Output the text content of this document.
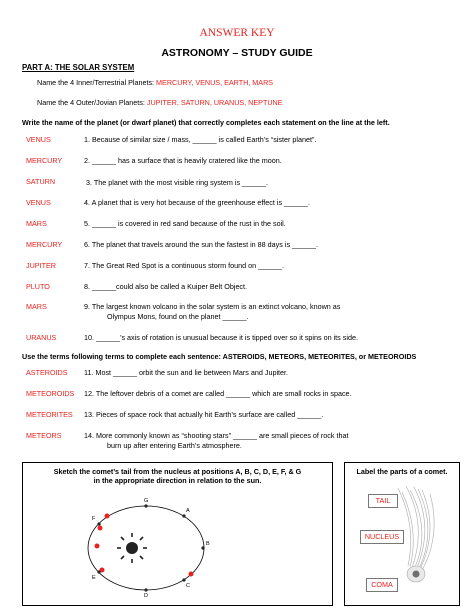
ANSWER KEY
ASTRONOMY – STUDY GUIDE
PART A: THE SOLAR SYSTEM
Name the 4 Inner/Terrestrial Planets: MERCURY, VENUS, EARTH, MARS
Name the 4 Outer/Jovian Planets: JUPITER, SATURN, URANUS, NEPTUNE
Write the name of the planet (or dwarf planet) that correctly completes each statement on the line at the left.
VENUS	1. Because of similar size / mass, ______ is called Earth’s “sister planet”.
MERCURY	2. ______ has a surface that is heavily cratered like the moon.
SATURN	3. The planet with the most visible ring system is ______.
VENUS	4. A planet that is very hot because of the greenhouse effect is ______.
MARS	5. ______ is covered in red sand because of the rust in the soil.
MERCURY	6. The planet that travels around the sun the fastest in 88 days is ______.
JUPITER	7. The Great Red Spot is a continuous storm found on ______.
PLUTO	8. ______could also be called a Kuiper Belt Object.
MARS	9. The largest known volcano in the solar system is an extinct volcano, known as
Olympus Mons, found on the planet ______.
URANUS	10. ______’s axis of rotation is unusual because it is tipped over so it spins on its side.
Use the terms following terms to complete each sentence: ASTEROIDS, METEORS, METEORITES, or METEOROIDS
ASTEROIDS 11. Most ______ orbit the sun and lie between Mars and Jupiter.
METEOROIDS 12. The leftover debris of a comet are called ______ which are small rocks in space.
METEORITES 13. Pieces of space rock that actually hit Earth’s surface are called ______.
METEORS	14. More commonly known as “shooting stars” ______ are small pieces of rock that
burn up after entering Earth’s atmosphere.
Sketch the comet’s tail from the nucleus at positions A, B, C, D, E, F, & G
in the appropriate direction in relation to the sun.
A
B
C
D
E
F
G
Label the parts of a comet.
TAIL
NUCLEUS
COMA
